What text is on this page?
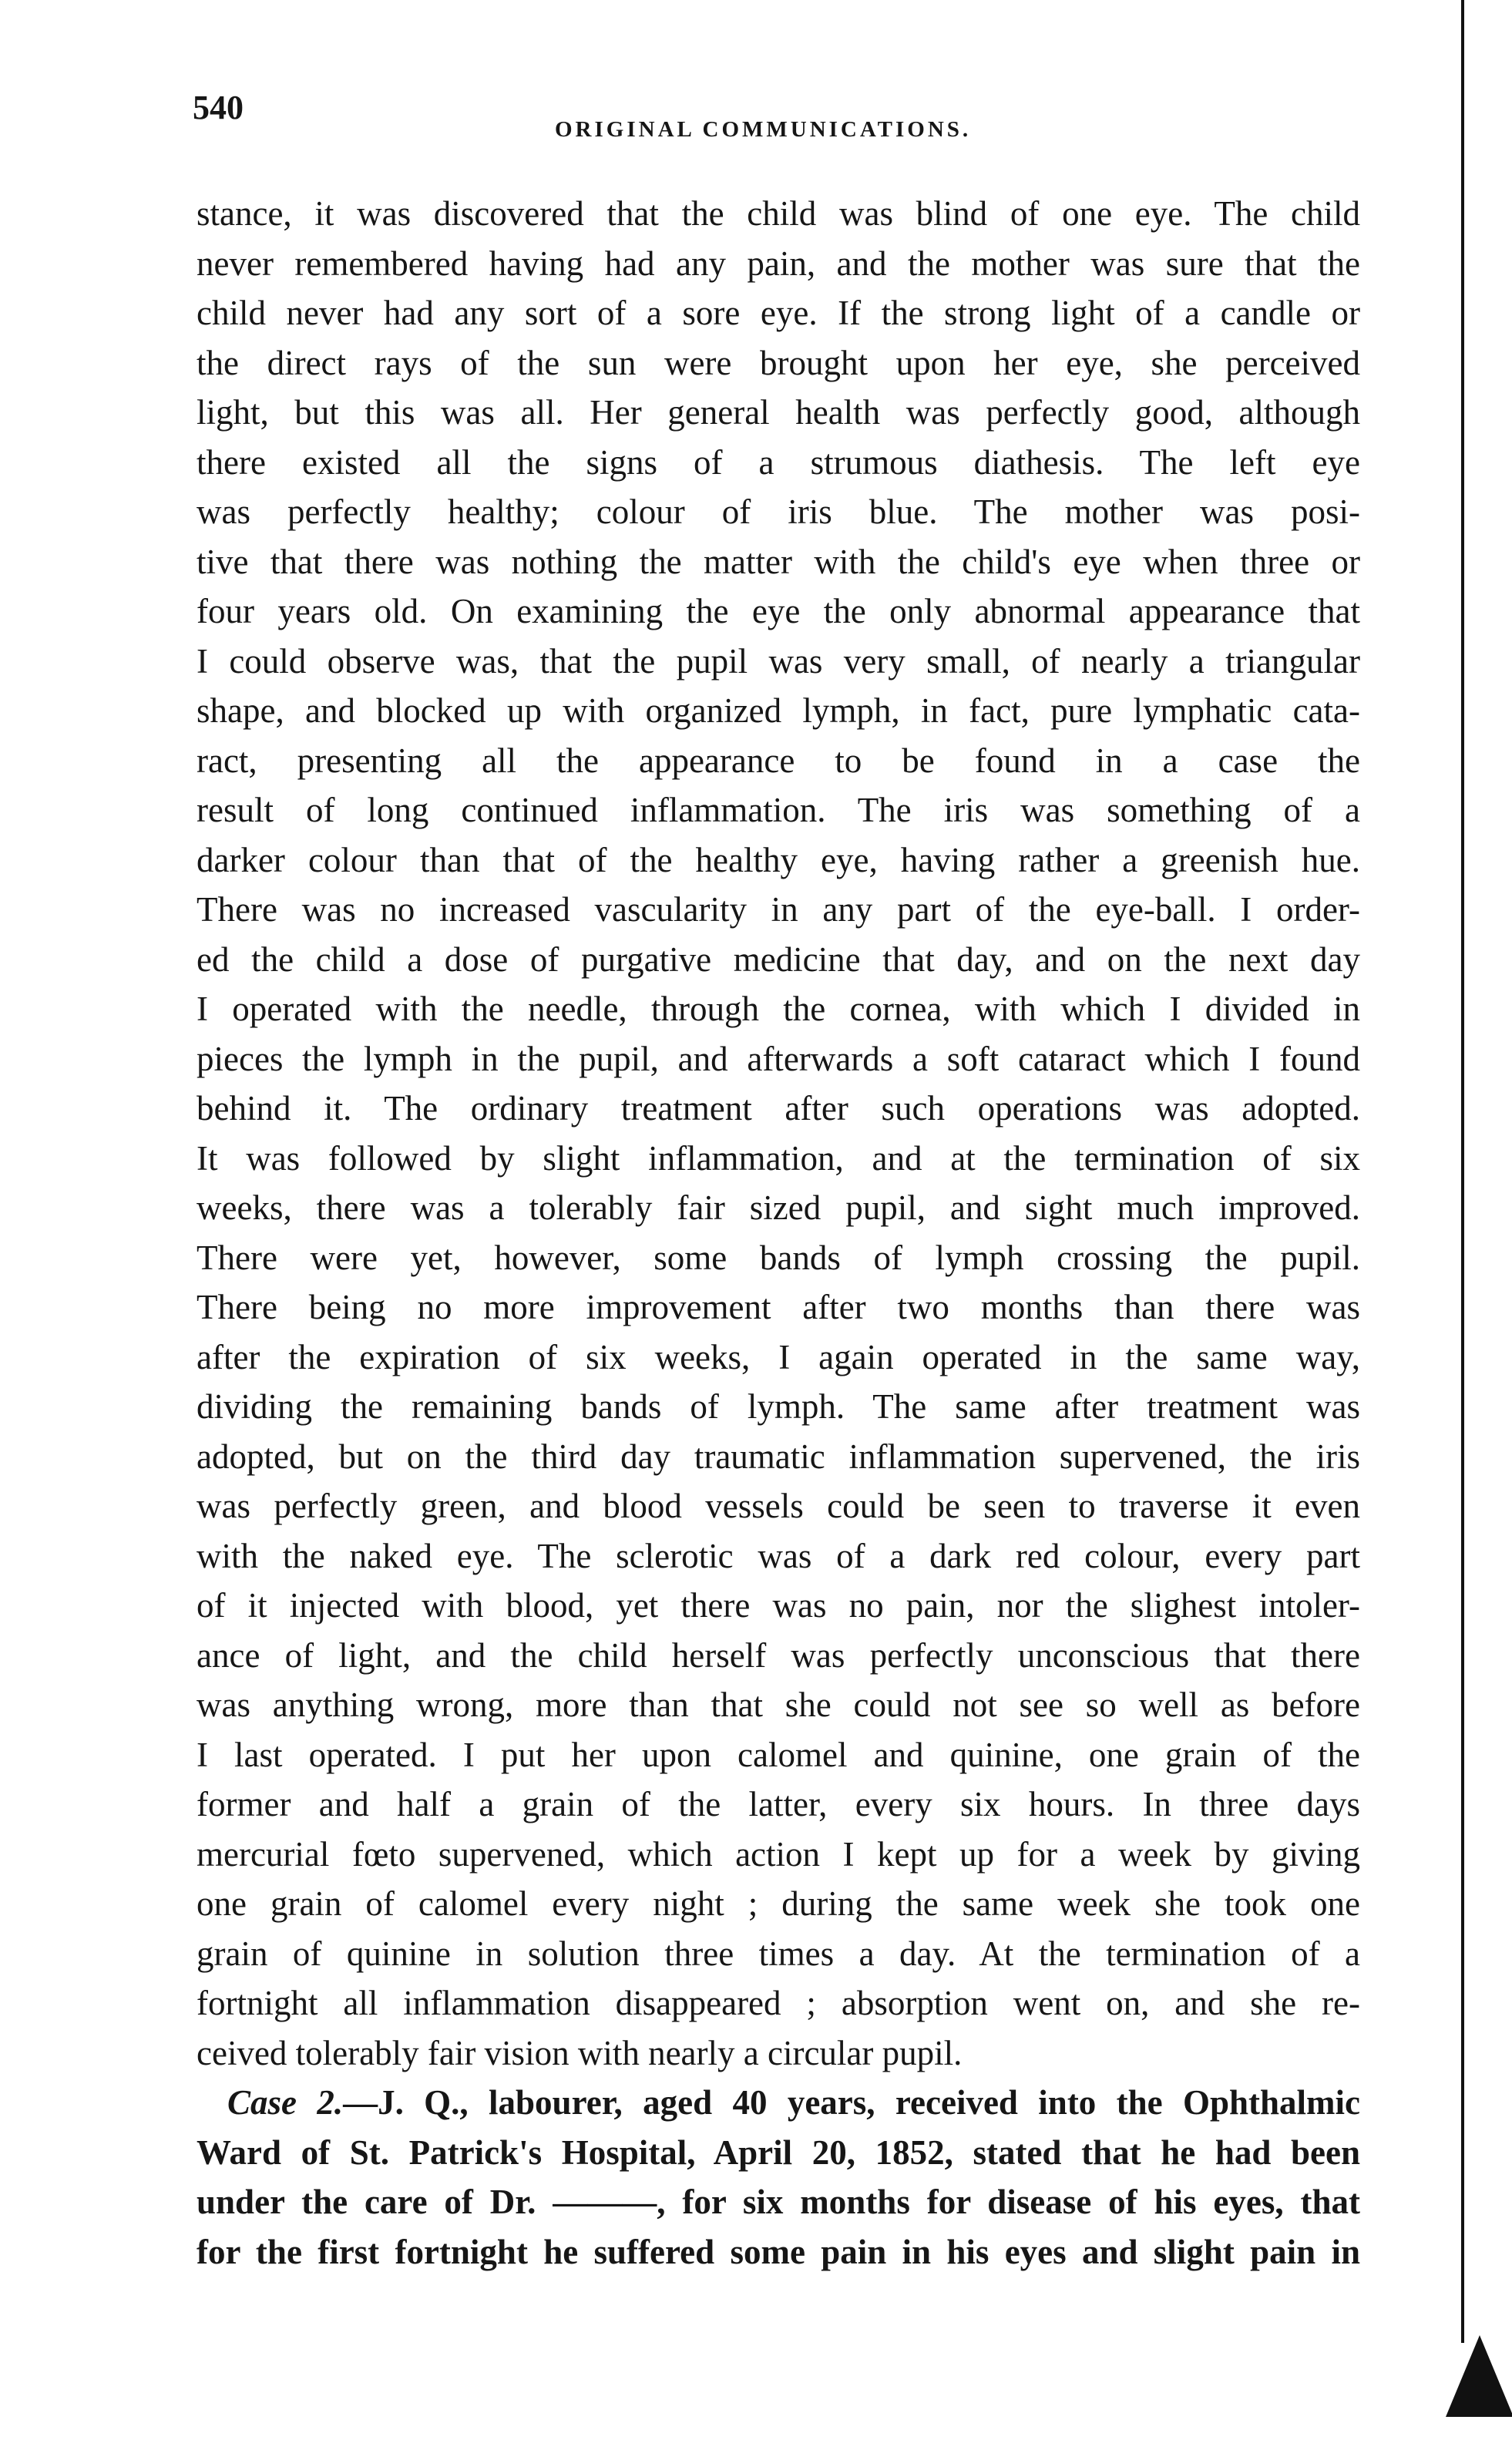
540
ORIGINAL COMMUNICATIONS.
stance, it was discovered that the child was blind of one eye. The child
never remembered having had any pain, and the mother was sure that the
child never had any sort of a sore eye. If the strong light of a candle or
the direct rays of the sun were brought upon her eye, she perceived
light, but this was all. Her general health was perfectly good, although
there existed all the signs of a strumous diathesis. The left eye
was perfectly healthy; colour of iris blue. The mother was posi-
tive that there was nothing the matter with the child's eye when three or
four years old. On examining the eye the only abnormal appearance that
I could observe was, that the pupil was very small, of nearly a triangular
shape, and blocked up with organized lymph, in fact, pure lymphatic cata-
ract, presenting all the appearance to be found in a case the
result of long continued inflammation. The iris was something of a
darker colour than that of the healthy eye, having rather a greenish hue.
There was no increased vascularity in any part of the eye-ball. I order-
ed the child a dose of purgative medicine that day, and on the next day
I operated with the needle, through the cornea, with which I divided in
pieces the lymph in the pupil, and afterwards a soft cataract which I found
behind it. The ordinary treatment after such operations was adopted.
It was followed by slight inflammation, and at the termination of six
weeks, there was a tolerably fair sized pupil, and sight much improved.
There were yet, however, some bands of lymph crossing the pupil.
There being no more improvement after two months than there was
after the expiration of six weeks, I again operated in the same way,
dividing the remaining bands of lymph. The same after treatment was
adopted, but on the third day traumatic inflammation supervened, the iris
was perfectly green, and blood vessels could be seen to traverse it even
with the naked eye. The sclerotic was of a dark red colour, every part
of it injected with blood, yet there was no pain, nor the slighest intoler-
ance of light, and the child herself was perfectly unconscious that there
was anything wrong, more than that she could not see so well as before
I last operated. I put her upon calomel and quinine, one grain of the
former and half a grain of the latter, every six hours. In three days
mercurial fœto supervened, which action I kept up for a week by giving
one grain of calomel every night ; during the same week she took one
grain of quinine in solution three times a day. At the termination of a
fortnight all inflammation disappeared ; absorption went on, and she re-
ceived tolerably fair vision with nearly a circular pupil.
Case 2.—J. Q., labourer, aged 40 years, received into the Ophthalmic
Ward of St. Patrick's Hospital, April 20, 1852, stated that he had been
under the care of Dr. ———, for six months for disease of his eyes, that
for the first fortnight he suffered some pain in his eyes and slight pain in
